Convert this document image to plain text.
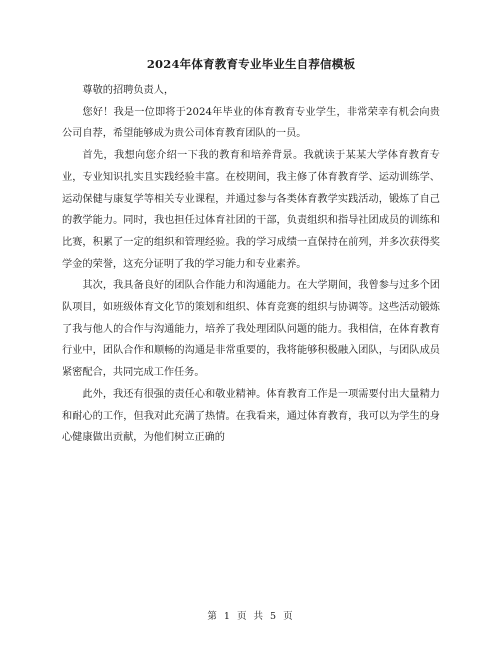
2024年体育教育专业毕业生自荐信模板

尊敬的招聘负责人，

您好！我是一位即将于2024年毕业的体育教育专业学生，非常荣幸有机会向贵公司自荐，希望能够成为贵公司体育教育团队的一员。

首先，我想向您介绍一下我的教育和培养背景。我就读于某某大学体育教育专业，专业知识扎实且实践经验丰富。在校期间，我主修了体育教育学、运动训练学、运动保健与康复学等相关专业课程，并通过参与各类体育教学实践活动，锻炼了自己的教学能力。同时，我也担任过体育社团的干部，负责组织和指导社团成员的训练和比赛，积累了一定的组织和管理经验。我的学习成绩一直保持在前列，并多次获得奖学金的荣誉，这充分证明了我的学习能力和专业素养。

其次，我具备良好的团队合作能力和沟通能力。在大学期间，我曾参与过多个团队项目，如班级体育文化节的策划和组织、体育竞赛的组织与协调等。这些活动锻炼了我与他人的合作与沟通能力，培养了我处理团队问题的能力。我相信，在体育教育行业中，团队合作和顺畅的沟通是非常重要的，我将能够积极融入团队，与团队成员紧密配合，共同完成工作任务。

此外，我还有很强的责任心和敬业精神。体育教育工作是一项需要付出大量精力和耐心的工作，但我对此充满了热情。在我看来，通过体育教育，我可以为学生的身心健康做出贡献，为他们树立正确的

第 1 页 共 5 页
